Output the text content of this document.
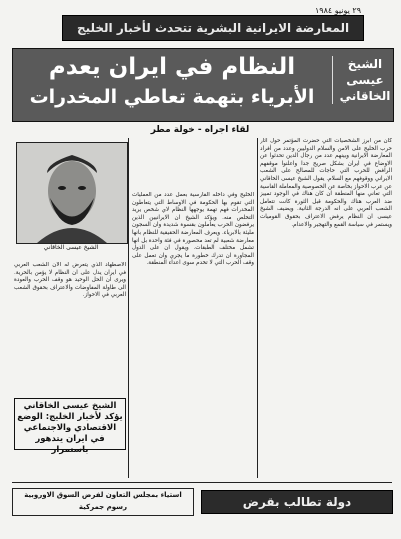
٢٩ يونيو ١٩٨٤
المعارضة الايرانية البشرية تتحدث لأخبار الخليج
الشيخ عيسى الخاقاني
النظام في ايران يعدم
الأبرياء بتهمة تعاطي المخدرات
لقاء اجراه - خولة مطر
كان من ابرز الشخصيات التي حضرت المؤتمر حول آثار حرب الخليج على الامن والسلام الدوليين وعدد من أفراد المعارضة الايرانية وبينهم عدد من رجال الدين تحدثوا عن الاوضاع في ايران بشكل صريح جدا واعلنوا موقفهم الرافض للحرب التي حاجات للمصالح على الشعب الايراني ووقوفهم مع السلام. يقول الشيخ عيسى الخاقاني عن عرب الاحواز بخاصة عن الخصوصية والمعاملة القاسية التي تعاني منها المنطقة ان كان هناك في الوجود تمييز ضد العرب هناك والحكومة قبل الثورة كانت تتعامل الشعب العربي على انه الدرجة الثانية. ويضيف الشيخ عيسى ان النظام يرفض الاعتراف بحقوق القوميات ويستمر في سياسة القمع والتهجير والاعدام.
الخليج وفي داخله الفارسية بعمل عدد من العمليات التي تقوم بها الحكومة في الاوساط التي يتعاطون المخدرات فهم تهمة يوجهها النظام لاي شخص يريد التخلص منه. ويؤكد الشيخ ان الايرانيين الذين يرفضون الحرب يعاملون بقسوة شديدة وان السجون مليئة بالابرياء. ويعرف المعارضة الحقيقية للنظام بانها معارضة شعبية لم تعد محصورة في فئة واحدة بل انها تشمل مختلف الطبقات. ويقول ان على الدول المجاورة ان تدرك خطورة ما يجري وان تعمل على وقف الحرب التي لا تخدم سوى اعداء المنطقة.
الشيخ عيسى الخاقاني
الاصطهاد الذي يتعرض له الان الشعب العربي في ايران يدل على ان النظام لا يؤمن بالحرية. ويرى ان الحل الوحيد هو وقف الحرب والعودة الى طاولة المفاوضات والاعتراف بحقوق الشعب العربي في الاحواز.
الشيخ عيسى الخاقاني يؤكد لأخبار الخليج: الوضع الاقتصادي والاجتماعي في ايران يتدهور باستمرار
دولة تطالب بقرض
استياء بمجلس التعاون لفرض السوق الاوروبية رسوم جمركية
